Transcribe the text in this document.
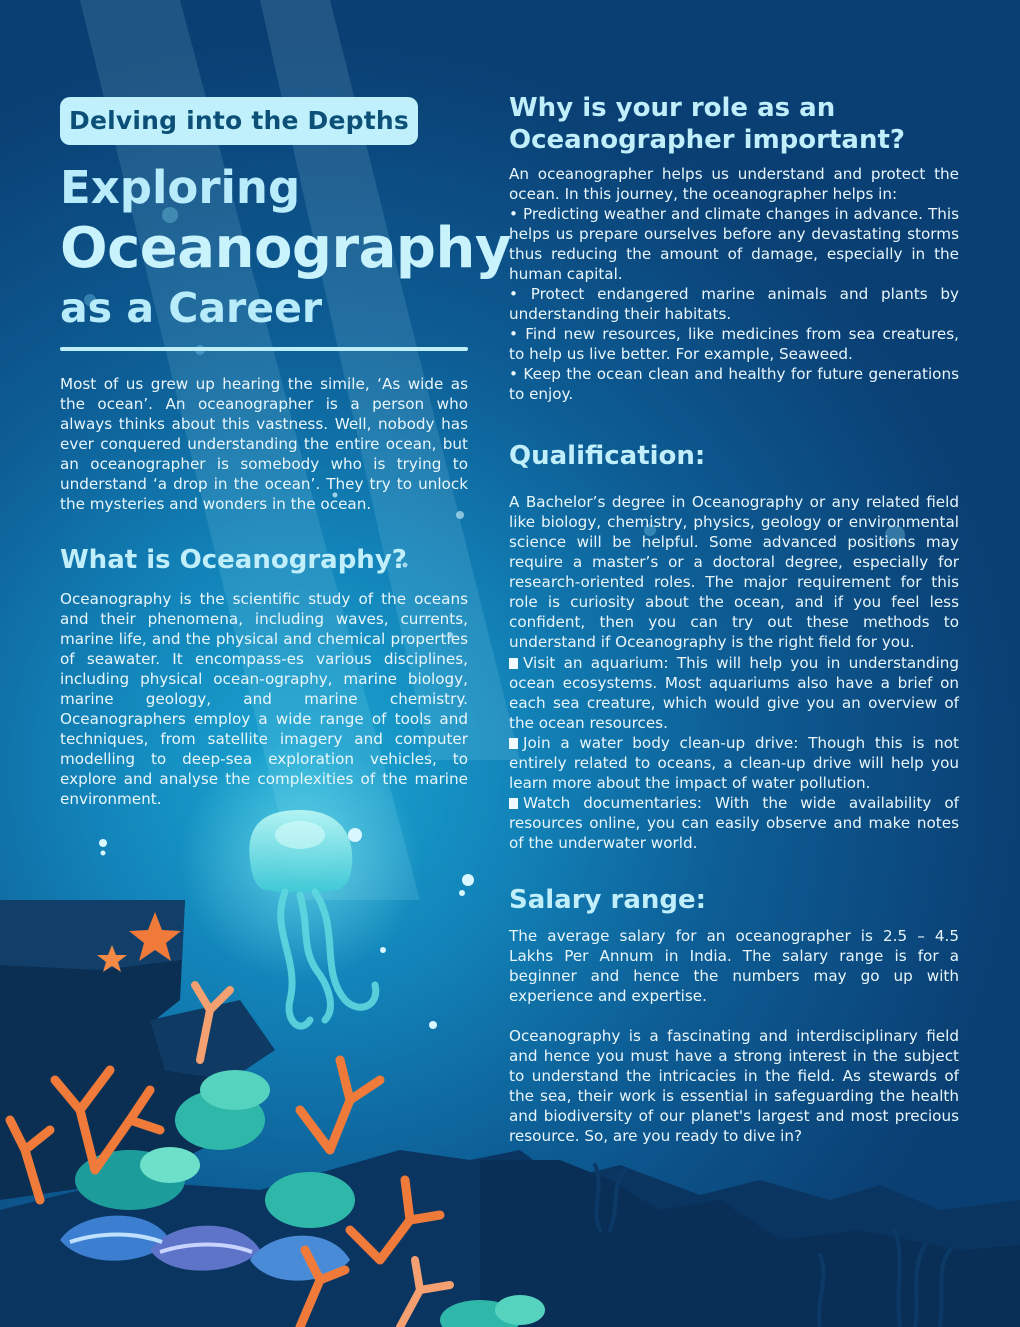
Delving into the Depths
Exploring
Oceanography
as a Career

Most of us grew up hearing the simile, ‘As wide as the ocean’. An oceanographer is a person who always thinks about this vastness. Well, nobody has ever conquered understanding the entire ocean, but an oceanographer is somebody who is trying to understand ‘a drop in the ocean’. They try to unlock the mysteries and wonders in the ocean.

What is Oceanography?

Oceanography is the scientific study of the oceans and their phenomena, including waves, currents, marine life, and the physical and chemical properties of seawater. It encompass-es various disciplines, including physical ocean-ography, marine biology, marine geology, and marine chemistry. Oceanographers employ a wide range of tools and techniques, from satellite imagery and computer modelling to deep-sea exploration vehicles, to explore and analyse the complexities of the marine environment.

Why is your role as an
Oceanographer important?

An oceanographer helps us understand and protect the ocean. In this journey, the oceanographer helps in:

• Predicting weather and climate changes in advance. This helps us prepare ourselves before any devastating storms thus reducing the amount of damage, especially in the human capital.
• Protect endangered marine animals and plants by understanding their habitats.
• Find new resources, like medicines from sea creatures, to help us live better. For example, Seaweed.
• Keep the ocean clean and healthy for future generations to enjoy.
Qualification:

A Bachelor’s degree in Oceanography or any related field like biology, chemistry, physics, geology or environmental science will be helpful. Some advanced positions may require a master’s or a doctoral degree, especially for research-oriented roles. The major requirement for this role is curiosity about the ocean, and if you feel less confident, then you can try out these methods to understand if Oceanography is the right field for you.

Visit an aquarium: This will help you in understanding ocean ecosystems. Most aquariums also have a brief on each sea creature, which would give you an overview of the ocean resources.
Join a water body clean-up drive: Though this is not entirely related to oceans, a clean-up drive will help you learn more about the impact of water pollution.
Watch documentaries: With the wide availability of resources online, you can easily observe and make notes of the underwater world.
Salary range:

The average salary for an oceanographer is 2.5 – 4.5 Lakhs Per Annum in India. The salary range is for a beginner and hence the numbers may go up with experience and expertise.

Oceanography is a fascinating and interdisciplinary field and hence you must have a strong interest in the subject to understand the intricacies in the field. As stewards of the sea, their work is essential in safeguarding the health and biodiversity of our planet's largest and most precious resource. So, are you ready to dive in?
